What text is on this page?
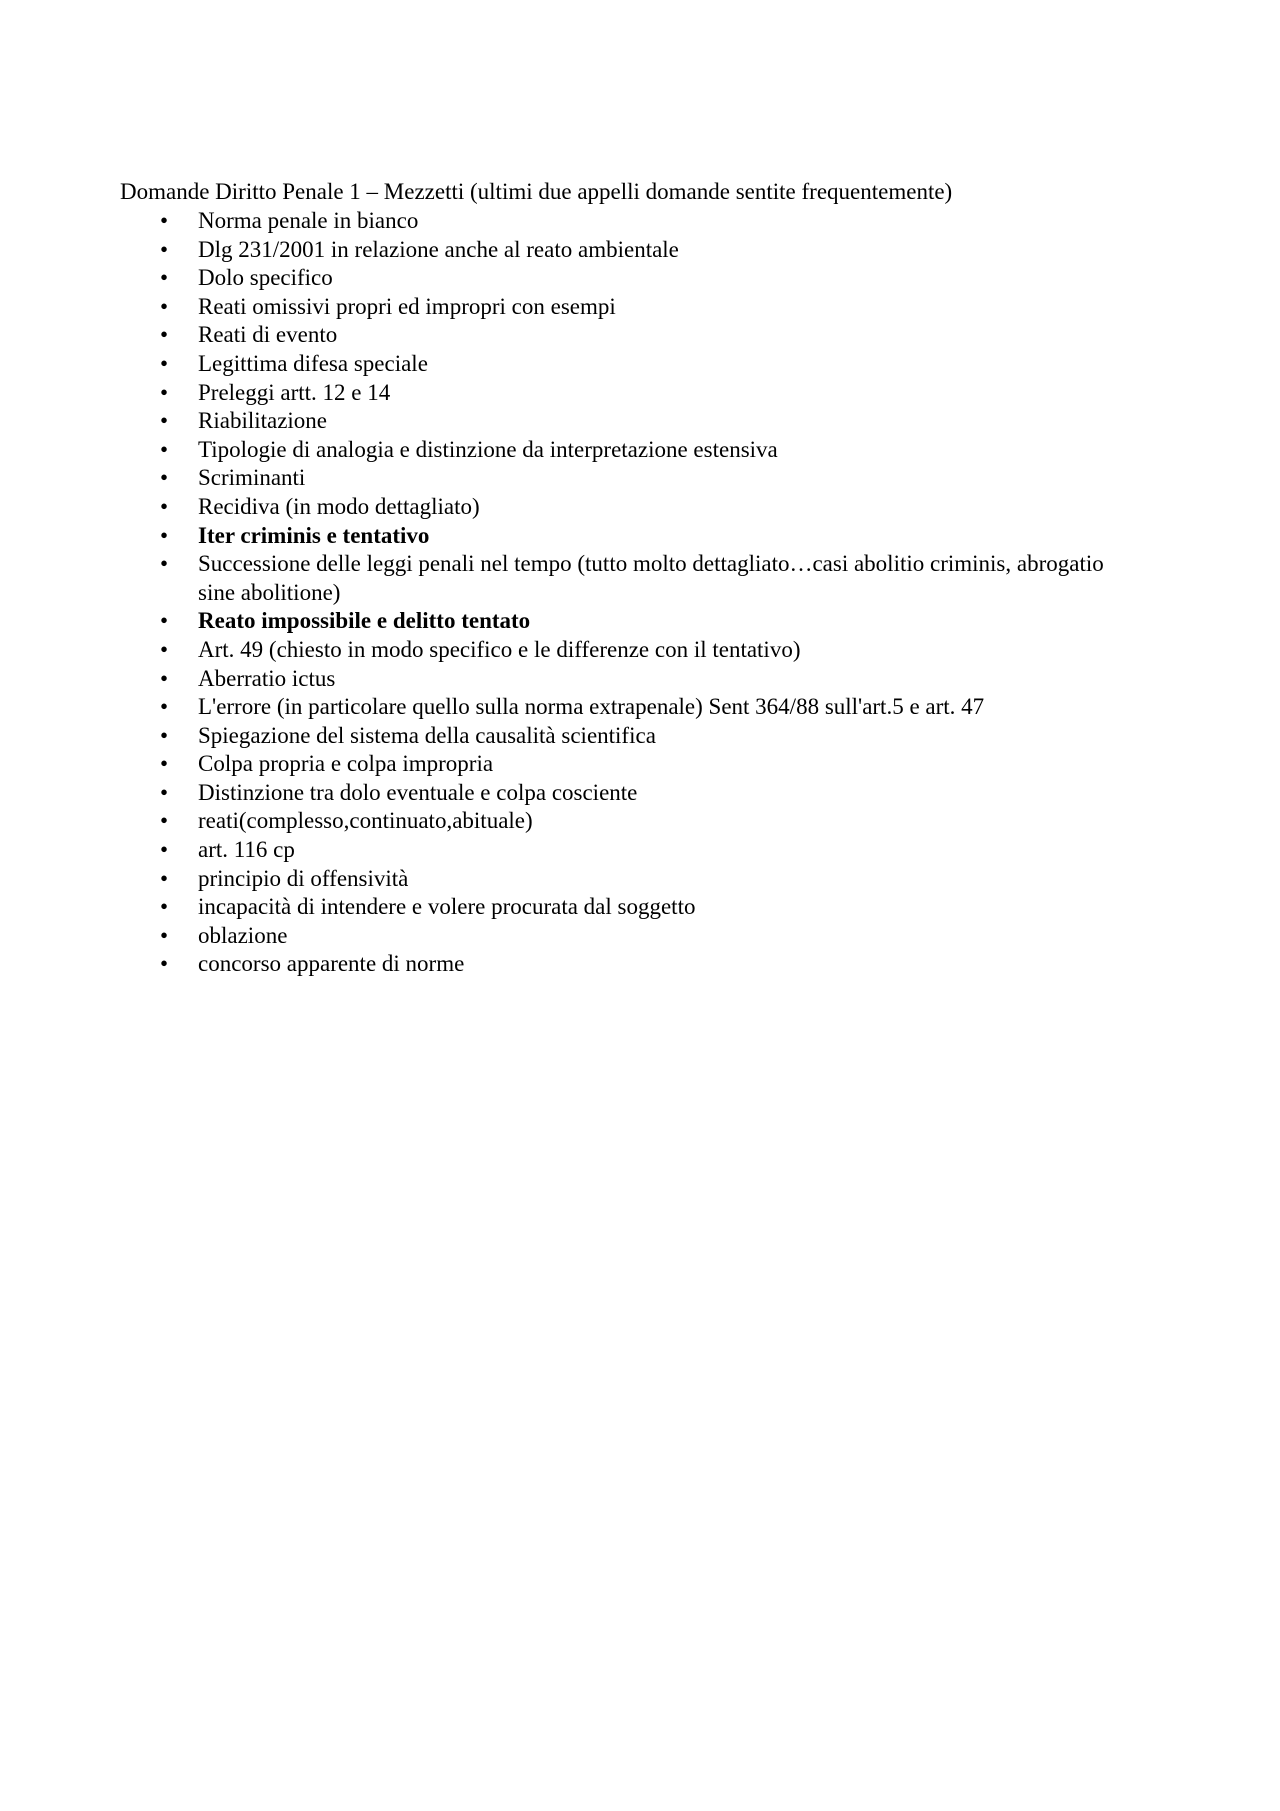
Domande Diritto Penale 1 – Mezzetti (ultimi due appelli domande sentite frequentemente)
• Norma penale in bianco
• Dlg 231/2001 in relazione anche al reato ambientale
• Dolo specifico
• Reati omissivi propri ed impropri con esempi
• Reati di evento
• Legittima difesa speciale
• Preleggi artt. 12 e 14
• Riabilitazione
• Tipologie di analogia e distinzione da interpretazione estensiva
• Scriminanti
• Recidiva (in modo dettagliato)
• Iter criminis e tentativo
• Successione delle leggi penali nel tempo (tutto molto dettagliato…casi abolitio criminis, abrogatio sine abolitione)
• Reato impossibile e delitto tentato
• Art. 49 (chiesto in modo specifico e le differenze con il tentativo)
• Aberratio ictus
• L'errore (in particolare quello sulla norma extrapenale) Sent 364/88 sull'art.5 e art. 47
• Spiegazione del sistema della causalità scientifica
• Colpa propria e colpa impropria
• Distinzione tra dolo eventuale e colpa cosciente
• reati(complesso,continuato,abituale)
• art. 116 cp
• principio di offensività
• incapacità di intendere e volere procurata dal soggetto
• oblazione
• concorso apparente di norme
